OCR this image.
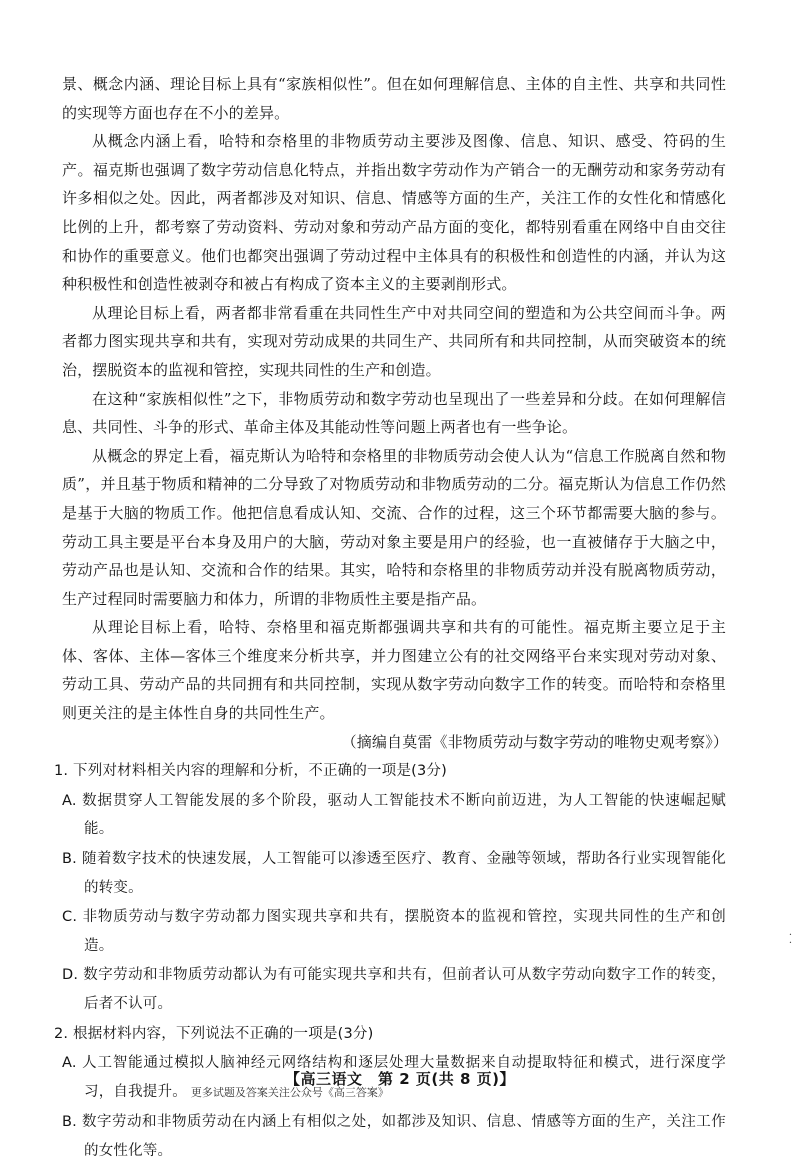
景、概念内涵、理论目标上具有“家族相似性”。但在如何理解信息、主体的自主性、共享和共同性的实现等方面也存在不小的差异。

从概念内涵上看，哈特和奈格里的非物质劳动主要涉及图像、信息、知识、感受、符码的生产。福克斯也强调了数字劳动信息化特点，并指出数字劳动作为产销合一的无酬劳动和家务劳动有许多相似之处。因此，两者都涉及对知识、信息、情感等方面的生产，关注工作的女性化和情感化比例的上升，都考察了劳动资料、劳动对象和劳动产品方面的变化，都特别看重在网络中自由交往和协作的重要意义。他们也都突出强调了劳动过程中主体具有的积极性和创造性的内涵，并认为这种积极性和创造性被剥夺和被占有构成了资本主义的主要剥削形式。

从理论目标上看，两者都非常看重在共同性生产中对共同空间的塑造和为公共空间而斗争。两者都力图实现共享和共有，实现对劳动成果的共同生产、共同所有和共同控制，从而突破资本的统治，摆脱资本的监视和管控，实现共同性的生产和创造。

在这种“家族相似性”之下，非物质劳动和数字劳动也呈现出了一些差异和分歧。在如何理解信息、共同性、斗争的形式、革命主体及其能动性等问题上两者也有一些争论。

从概念的界定上看，福克斯认为哈特和奈格里的非物质劳动会使人认为“信息工作脱离自然和物质”，并且基于物质和精神的二分导致了对物质劳动和非物质劳动的二分。福克斯认为信息工作仍然是基于大脑的物质工作。他把信息看成认知、交流、合作的过程，这三个环节都需要大脑的参与。劳动工具主要是平台本身及用户的大脑，劳动对象主要是用户的经验，也一直被储存于大脑之中，劳动产品也是认知、交流和合作的结果。其实，哈特和奈格里的非物质劳动并没有脱离物质劳动，生产过程同时需要脑力和体力，所谓的非物质性主要是指产品。

从理论目标上看，哈特、奈格里和福克斯都强调共享和共有的可能性。福克斯主要立足于主体、客体、主体—客体三个维度来分析共享，并力图建立公有的社交网络平台来实现对劳动对象、劳动工具、劳动产品的共同拥有和共同控制，实现从数字劳动向数字工作的转变。而哈特和奈格里则更关注的是主体性自身的共同性生产。

（摘编自莫雷《非物质劳动与数字劳动的唯物史观考察》）

1. 下列对材料相关内容的理解和分析，不正确的一项是(3分)

A. 数据贯穿人工智能发展的多个阶段，驱动人工智能技术不断向前迈进，为人工智能的快速崛起赋能。

B. 随着数字技术的快速发展，人工智能可以渗透至医疗、教育、金融等领域，帮助各行业实现智能化的转变。

C. 非物质劳动与数字劳动都力图实现共享和共有，摆脱资本的监视和管控，实现共同性的生产和创造。

D. 数字劳动和非物质劳动都认为有可能实现共享和共有，但前者认可从数字劳动向数字工作的转变，后者不认可。

2. 根据材料内容，下列说法不正确的一项是(3分)

A. 人工智能通过模拟人脑神经元网络结构和逐层处理大量数据来自动提取特征和模式，进行深度学习，自我提升。 更多试题及答案关注公众号《高三答案》

B. 数字劳动和非物质劳动在内涵上有相似之处，如都涉及知识、信息、情感等方面的生产，关注工作的女性化等。

·
·
【高三语文　第 2 页(共 8 页)】
